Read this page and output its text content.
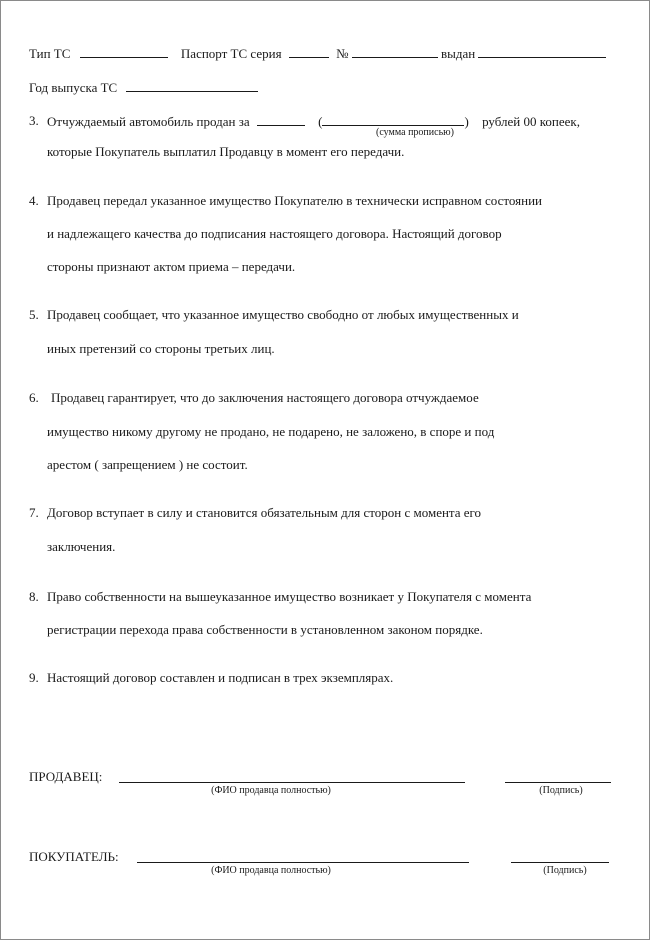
Тип ТС	Паспорт ТС серия	№	выдан
Год выпуска ТС
3. Отчуждаемый автомобиль продан за	(	) рублей 00 копеек,
(сумма прописью)
которые Покупатель выплатил Продавцу в момент его передачи.
4. Продавец передал указанное имущество Покупателю в технически исправном состоянии
и надлежащего качества до подписания настоящего договора. Настоящий договор
стороны признают актом приема – передачи.
5. Продавец сообщает, что указанное имущество свободно от любых имущественных и
иных претензий со стороны третьих лиц.
6. Продавец гарантирует, что до заключения настоящего договора отчуждаемое
имущество никому другому не продано, не подарено, не заложено, в споре и под
арестом ( запрещением ) не состоит.
7. Договор вступает в силу и становится обязательным для сторон с момента его
заключения.
8. Право собственности на вышеуказанное имущество возникает у Покупателя с момента
регистрации перехода права собственности в установленном законом порядке.
9. Настоящий договор составлен и подписан в трех экземплярах.
ПРОДАВЕЦ:
(ФИО продавца полностью)	(Подпись)
ПОКУПАТЕЛЬ:
(ФИО продавца полностью)	(Подпись)
